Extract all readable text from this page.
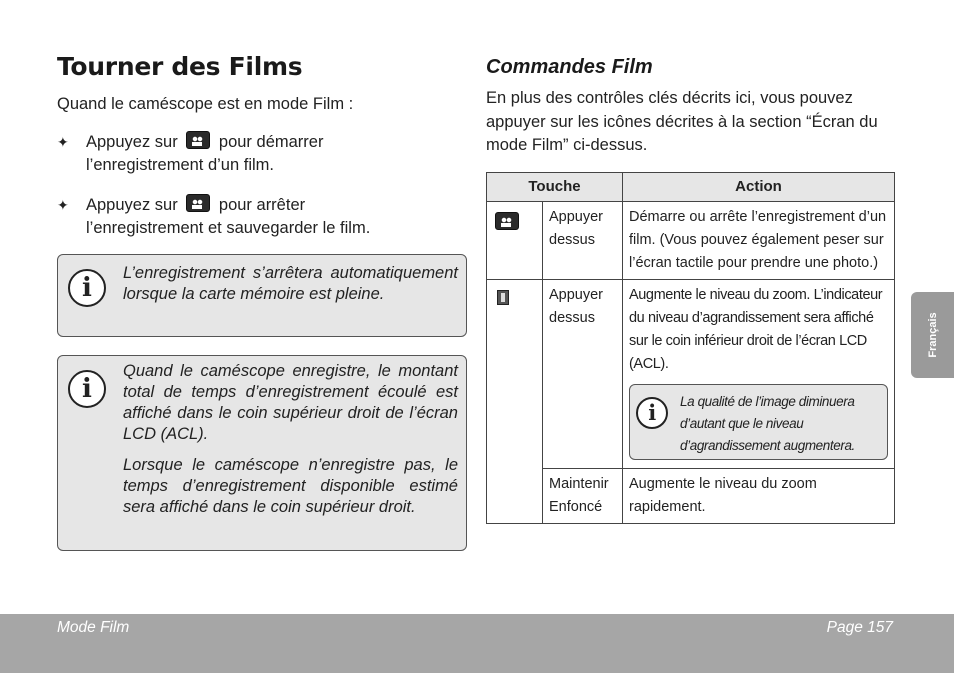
Tourner des Films
Quand le caméscope est en mode Film :
✦ Appuyez sur pour démarrer
l’enregistrement d’un film.
✦ Appuyez sur pour arrêter
l’enregistrement et sauvegarder le film.
i	L’enregistrement s’arrêtera automatiquement lorsque la carte mémoire est pleine.
i

Quand le caméscope enregistre, le montant total de temps d’enregistrement écoulé est affiché dans le coin supérieur droit de l’écran LCD (ACL).

Lorsque le caméscope n’enregistre pas, le temps d’enregistrement disponible estimé sera affiché dans le coin supérieur droit.

Commandes Film
En plus des contrôles clés décrits ici, vous pouvez appuyer sur les icônes décrites à la section “Écran du mode Film” ci-dessus.
Touche		Action
	Appuyer dessus	Démarre ou arrête l’enregistrement d’un film. (Vous pouvez également peser sur l’écran tactile pour prendre une photo.)
	Appuyer dessus	Augmente le niveau du zoom. L’indicateur du niveau d’agrandissement sera affiché sur le coin inférieur droit de l’écran LCD (ACL).
i La qualité de l’image diminuera d’autant que le niveau d’agrandissement augmentera.

	Maintenir Enfoncé	Augmente le niveau du zoom rapidement.
Français
Mode Film	Page 157
